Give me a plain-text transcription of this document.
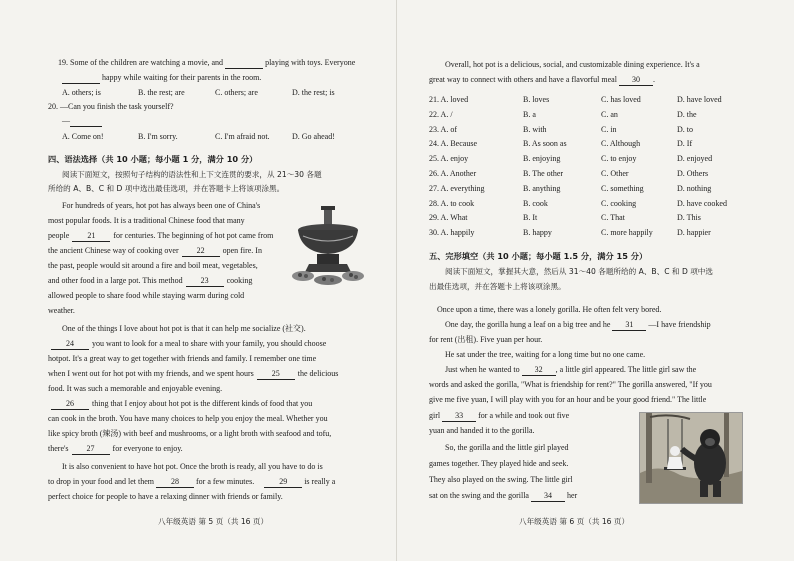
19. Some of the children are watching a movie, and	playing with toys. Everyone
happy while waiting for their parents in the room.
A. others; is	B. the rest; are	C. others; are	D. the rest; is
20. —Can you finish the task yourself?
—
A. Come on!	B. I'm sorry.	C. I'm afraid not.	D. Go ahead!
四、语法选择（共 10 小题；每小题 1 分，满分 10 分）
阅读下面短文，按照句子结构的语法性和上下文连贯的要求，从 21～30 各题
所给的 A、B、C 和 D 项中选出最佳选项，并在答题卡上将该项涂黑。
For hundreds of years, hot pot has always been one of China's
most popular foods. It is a traditional Chinese food that many
people 21 for centuries. The beginning of hot pot came from
the ancient Chinese way of cooking over 22 open fire. In
the past, people would sit around a fire and boil meat, vegetables,
and other food in a large pot. This method 23 cooking
allowed people to share food while staying warm during cold
weather.
One of the things I love about hot pot is that it can help me socialize (社交).
24 you want to look for a meal to share with your family, you should choose
hotpot. It's a great way to get together with friends and family. I remember one time
when I went out for hot pot with my friends, and we spent hours 25 the delicious
food. It was such a memorable and enjoyable evening.
26 thing that I enjoy about hot pot is the different kinds of food that you
can cook in the broth. You have many choices to help you enjoy the meal. Whether you
like spicy broth (辣汤) with beef and mushrooms, or a light broth with seafood and tofu,
there's 27 for everyone to enjoy.
It is also convenient to have hot pot. Once the broth is ready, all you have to do is
to drop in your food and let them 28 for a few minutes.	29 is really a
perfect choice for people to have a relaxing dinner with friends or family.
八年级英语 第 5 页（共 16 页）
Overall, hot pot is a delicious, social, and customizable dining experience. It's a
great way to connect with others and have a flavorful meal 30 .
21. A. loved	B. loves	C. has loved	D. have loved
22. A. /	B. a	C. an	D. the
23. A. of	B. with	C. in	D. to
24. A. Because	B. As soon as	C. Although	D. If
25. A. enjoy	B. enjoying	C. to enjoy	D. enjoyed
26. A. Another	B. The other	C. Other	D. Others
27. A. everything	B. anything	C. something	D. nothing
28. A. to cook	B. cook	C. cooking	D. have cooked
29. A. What	B. It	C. That	D. This
30. A. happily	B. happy	C. more happily	D. happier
五、完形填空（共 10 小题；每小题 1.5 分，满分 15 分）
阅读下面短文，掌握其大意，然后从 31～40 各题所给的 A、B、C 和 D 项中选
出最佳选项，并在答题卡上将该项涂黑。
Once upon a time, there was a lonely gorilla. He often felt very bored.
One day, the gorilla hung a leaf on a big tree and he 31 —I have friendship
for rent (出租). Five yuan per hour.
He sat under the tree, waiting for a long time but no one came.
Just when he wanted to 32 , a little girl appeared. The little girl saw the
words and asked the gorilla, "What is friendship for rent?" The gorilla answered, "If you
give me five yuan, I will play with you for an hour and be your good friend." The little
girl 33 for a while and took out five
yuan and handed it to the gorilla.
So, the gorilla and the little girl played
games together. They played hide and seek.
They also played on the swing. The little girl
sat on the swing and the gorilla 34 her
八年级英语 第 6 页（共 16 页）
